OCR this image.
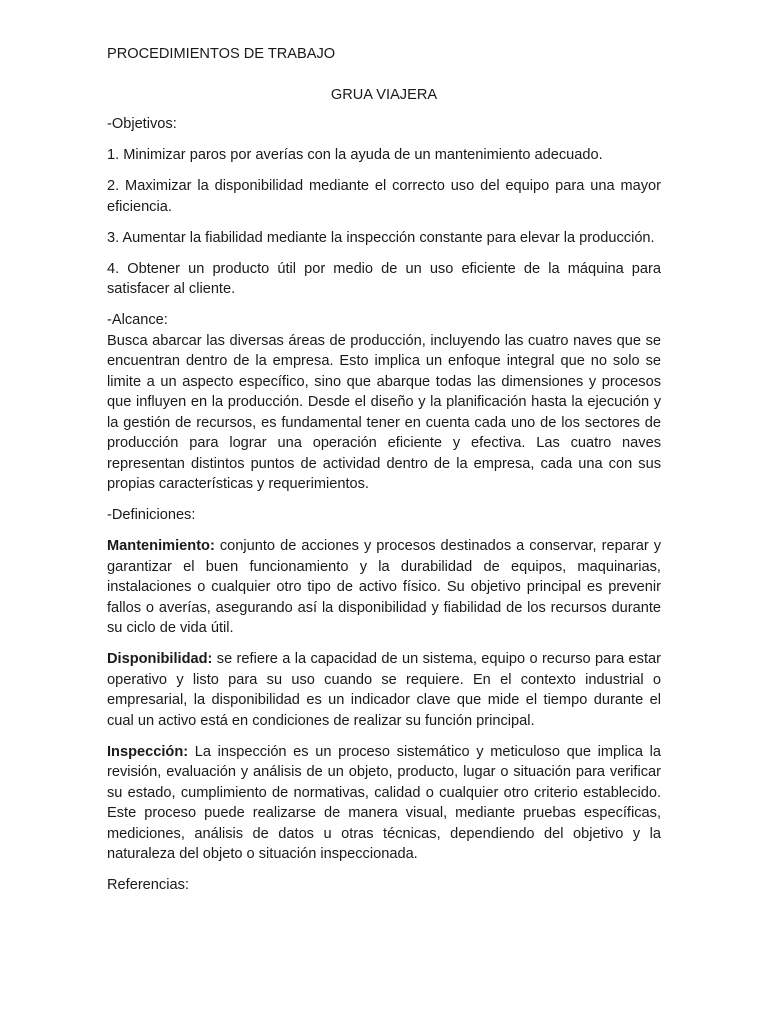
PROCEDIMIENTOS DE TRABAJO

GRUA VIAJERA

-Objetivos:

1. Minimizar paros por averías con la ayuda de un mantenimiento adecuado.

2. Maximizar la disponibilidad mediante el correcto uso del equipo para una mayor eficiencia.

3. Aumentar la fiabilidad mediante la inspección constante para elevar la producción.

4. Obtener un producto útil por medio de un uso eficiente de la máquina para satisfacer al cliente.

-Alcance:

Busca abarcar las diversas áreas de producción, incluyendo las cuatro naves que se encuentran dentro de la empresa. Esto implica un enfoque integral que no solo se limite a un aspecto específico, sino que abarque todas las dimensiones y procesos que influyen en la producción. Desde el diseño y la planificación hasta la ejecución y la gestión de recursos, es fundamental tener en cuenta cada uno de los sectores de producción para lograr una operación eficiente y efectiva. Las cuatro naves representan distintos puntos de actividad dentro de la empresa, cada una con sus propias características y requerimientos.

-Definiciones:

Mantenimiento: conjunto de acciones y procesos destinados a conservar, reparar y garantizar el buen funcionamiento y la durabilidad de equipos, maquinarias, instalaciones o cualquier otro tipo de activo físico. Su objetivo principal es prevenir fallos o averías, asegurando así la disponibilidad y fiabilidad de los recursos durante su ciclo de vida útil.

Disponibilidad: se refiere a la capacidad de un sistema, equipo o recurso para estar operativo y listo para su uso cuando se requiere. En el contexto industrial o empresarial, la disponibilidad es un indicador clave que mide el tiempo durante el cual un activo está en condiciones de realizar su función principal.

Inspección: La inspección es un proceso sistemático y meticuloso que implica la revisión, evaluación y análisis de un objeto, producto, lugar o situación para verificar su estado, cumplimiento de normativas, calidad o cualquier otro criterio establecido. Este proceso puede realizarse de manera visual, mediante pruebas específicas, mediciones, análisis de datos u otras técnicas, dependiendo del objetivo y la naturaleza del objeto o situación inspeccionada.

Referencias:
